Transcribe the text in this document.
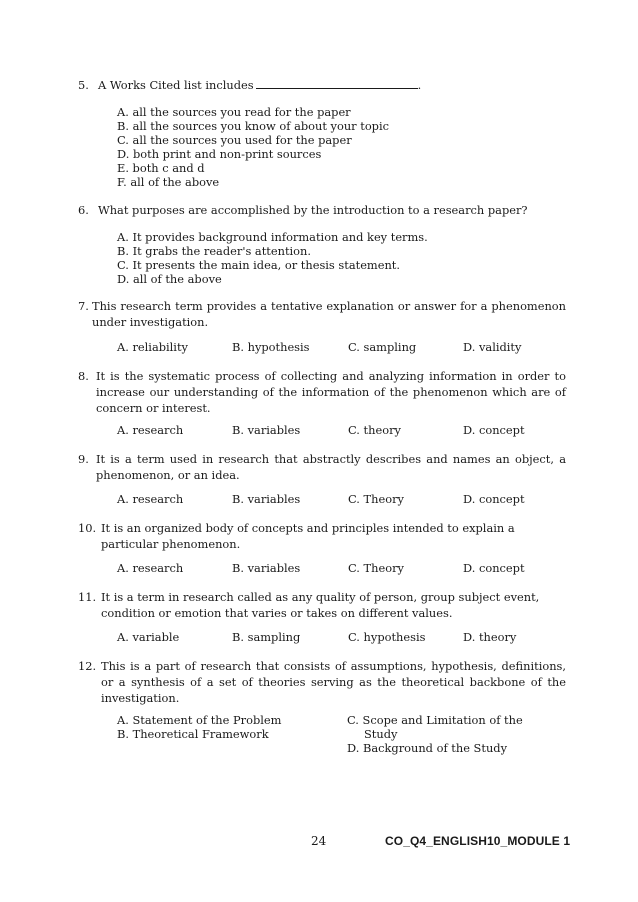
5. A Works Cited list includes	.
A. all the sources you read for the paper
B. all the sources you know of about your topic
C. all the sources you used for the paper
D. both print and non-print sources
E. both c and d
F. all of the above
6. What purposes are accomplished by the introduction to a research paper?
A. It provides background information and key terms.
B. It grabs the reader's attention.
C. It presents the main idea, or thesis statement.
D. all of the above
7. This research term provides a tentative explanation or answer for a phenomenon under investigation.
A. reliability	B. hypothesis	C. sampling	D. validity
8. It is the systematic process of collecting and analyzing information in order to increase our understanding of the information of the phenomenon which are of concern or interest.
A. research	B. variables	C. theory	D. concept
9. It is a term used in research that abstractly describes and names an object, a phenomenon, or an idea.
A. research	B. variables	C. Theory	D. concept
10. It is an organized body of concepts and principles intended to explain a particular phenomenon.
A. research	B. variables	C. Theory	D. concept
11. It is a term in research called as any quality of person, group subject event, condition or emotion that varies or takes on different values.
A. variable	B. sampling	C. hypothesis	D. theory
12. This is a part of research that consists of assumptions, hypothesis, definitions, or a synthesis of a set of theories serving as the theoretical backbone of the investigation.
A. Statement of the Problem
B. Theoretical Framework
C. Scope and Limitation of the
Study
D. Background of the Study
24	CO_Q4_ENGLISH10_MODULE 1
